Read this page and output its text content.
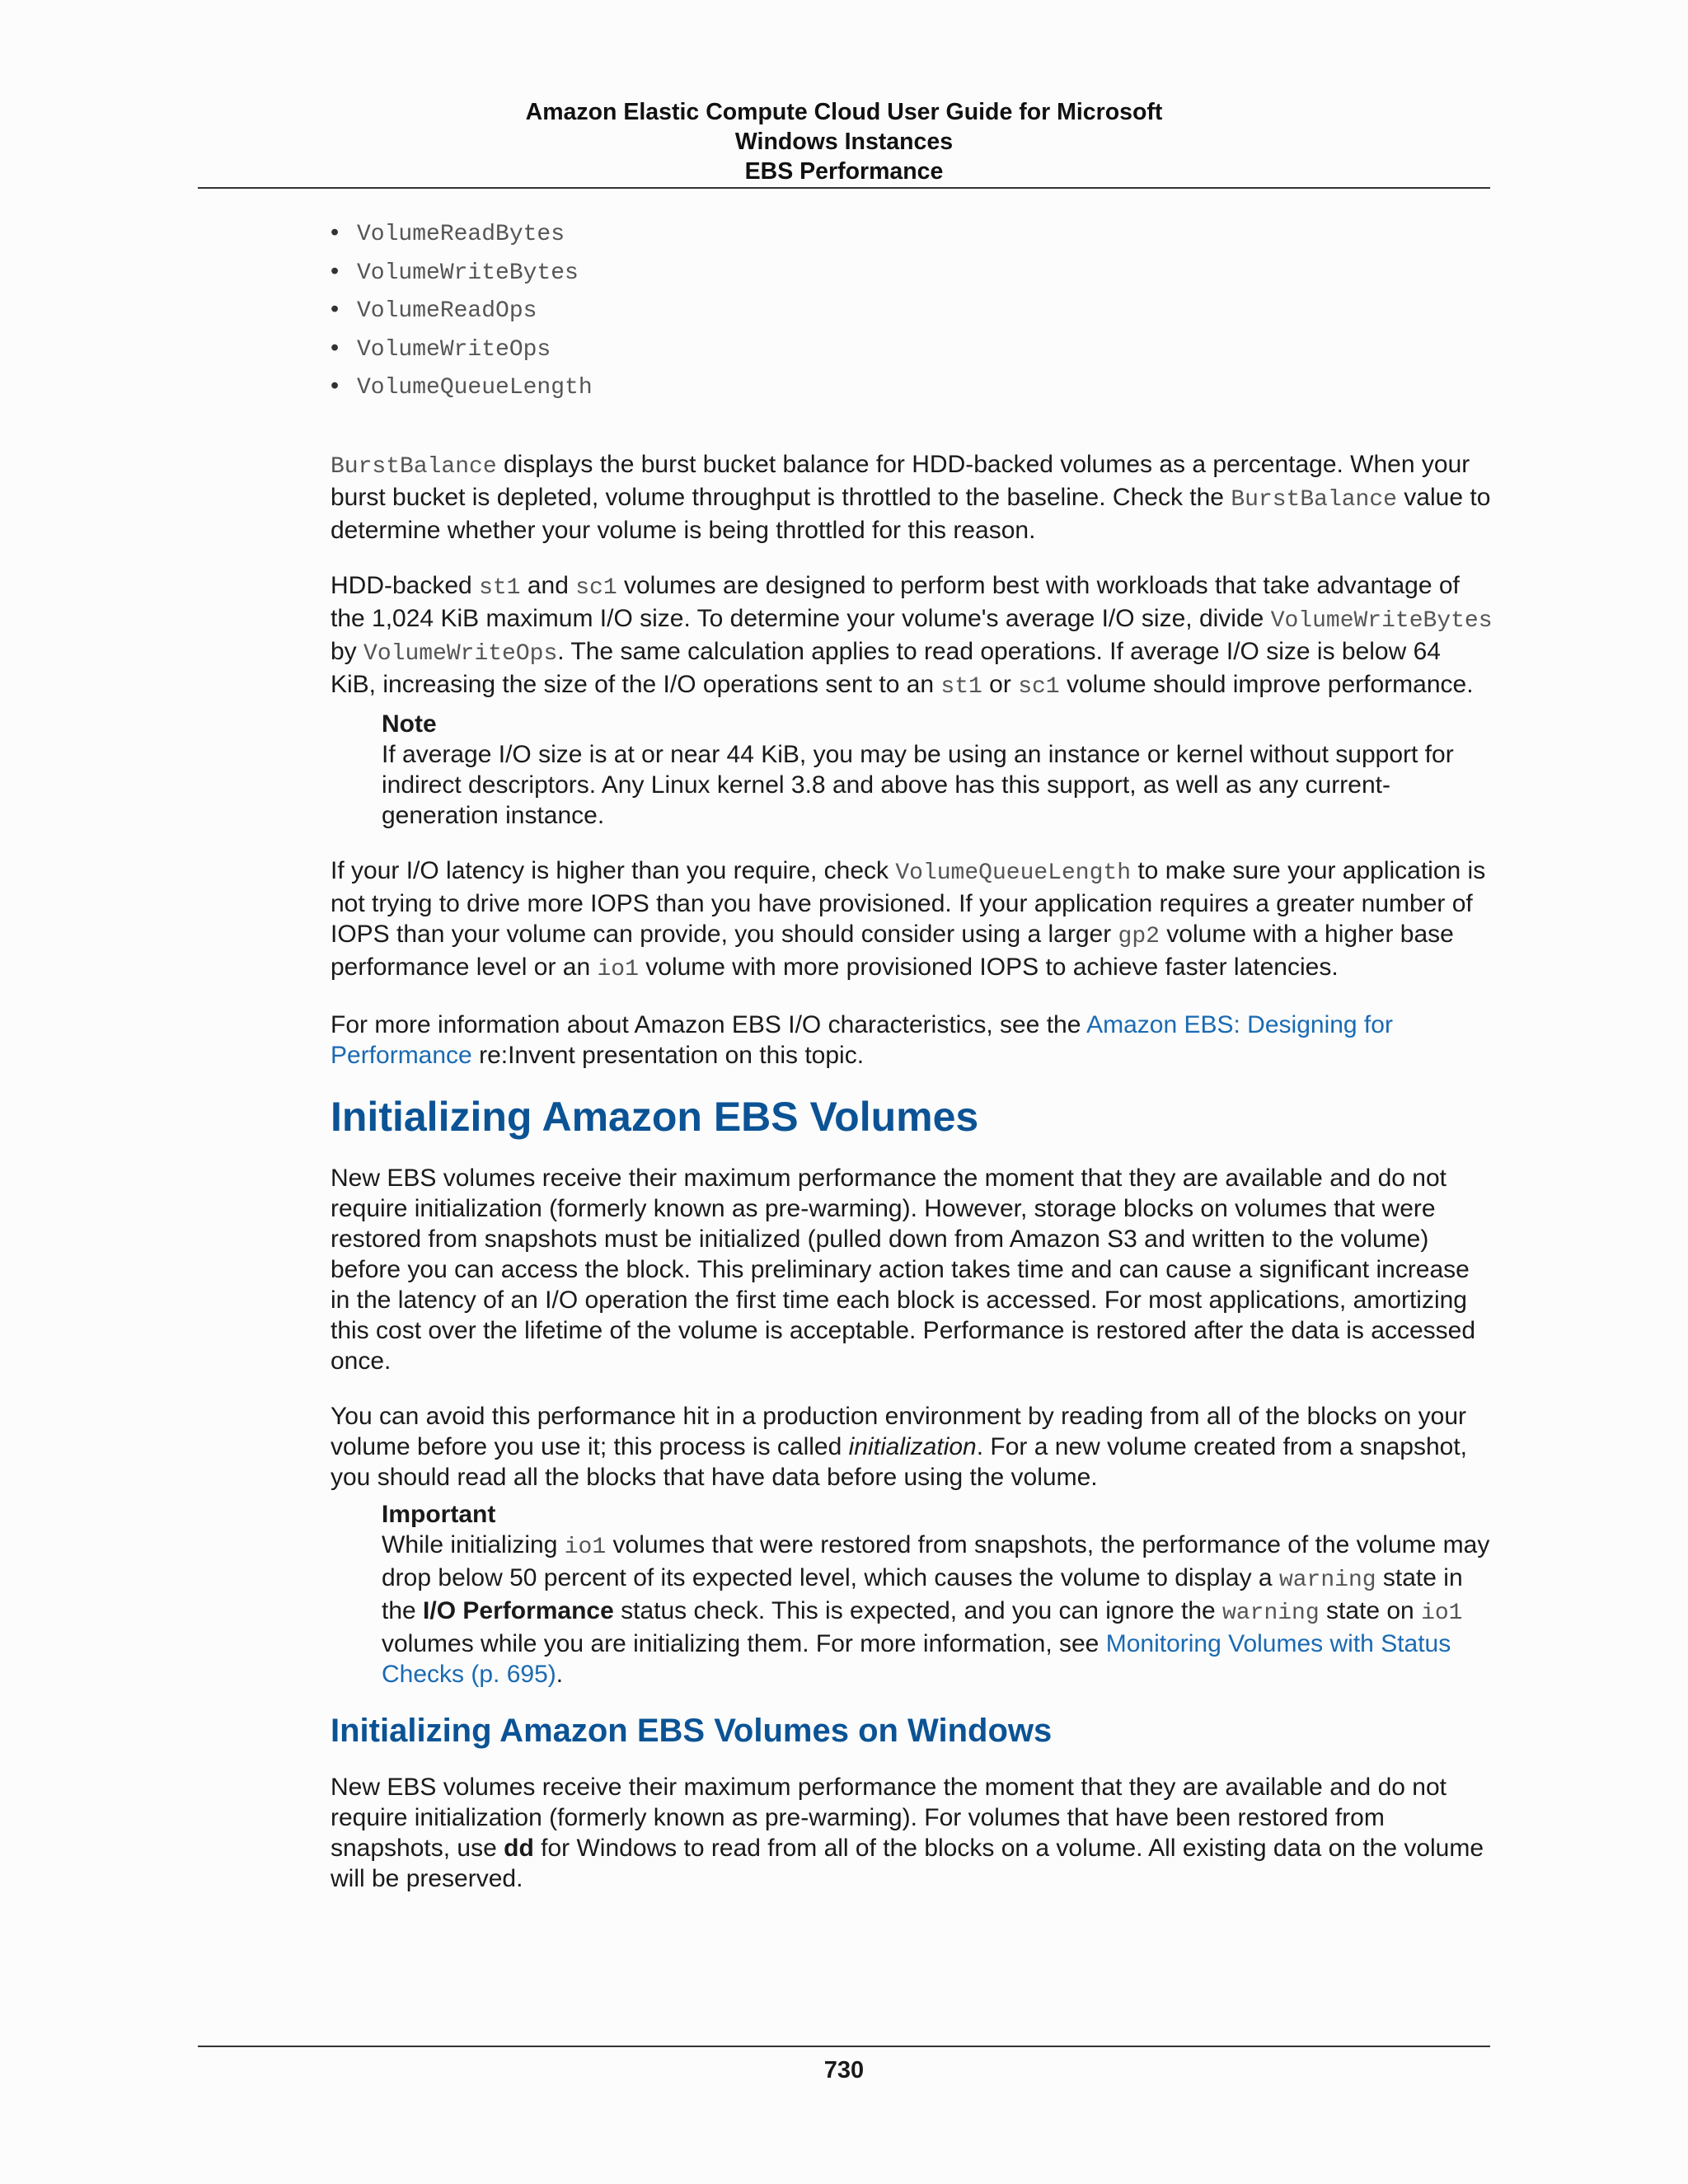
Amazon Elastic Compute Cloud User Guide for Microsoft
Windows Instances
EBS Performance
• VolumeReadBytes
• VolumeWriteBytes
• VolumeReadOps
• VolumeWriteOps
• VolumeQueueLength

BurstBalance displays the burst bucket balance for HDD-backed volumes as a percentage. When your burst bucket is depleted, volume throughput is throttled to the baseline. Check the BurstBalance value to determine whether your volume is being throttled for this reason.

HDD-backed st1 and sc1 volumes are designed to perform best with workloads that take advantage of the 1,024 KiB maximum I/O size. To determine your volume's average I/O size, divide VolumeWriteBytes by VolumeWriteOps. The same calculation applies to read operations. If average I/O size is below 64 KiB, increasing the size of the I/O operations sent to an st1 or sc1 volume should improve performance.

Note

If average I/O size is at or near 44 KiB, you may be using an instance or kernel without support for indirect descriptors. Any Linux kernel 3.8 and above has this support, as well as any current-generation instance.

If your I/O latency is higher than you require, check VolumeQueueLength to make sure your application is not trying to drive more IOPS than you have provisioned. If your application requires a greater number of IOPS than your volume can provide, you should consider using a larger gp2 volume with a higher base performance level or an io1 volume with more provisioned IOPS to achieve faster latencies.

For more information about Amazon EBS I/O characteristics, see the Amazon EBS: Designing for Performance re:Invent presentation on this topic.

Initializing Amazon EBS Volumes

New EBS volumes receive their maximum performance the moment that they are available and do not require initialization (formerly known as pre-warming). However, storage blocks on volumes that were restored from snapshots must be initialized (pulled down from Amazon S3 and written to the volume) before you can access the block. This preliminary action takes time and can cause a significant increase in the latency of an I/O operation the first time each block is accessed. For most applications, amortizing this cost over the lifetime of the volume is acceptable. Performance is restored after the data is accessed once.

You can avoid this performance hit in a production environment by reading from all of the blocks on your volume before you use it; this process is called initialization. For a new volume created from a snapshot, you should read all the blocks that have data before using the volume.

Important

While initializing io1 volumes that were restored from snapshots, the performance of the volume may drop below 50 percent of its expected level, which causes the volume to display a warning state in the I/O Performance status check. This is expected, and you can ignore the warning state on io1 volumes while you are initializing them. For more information, see Monitoring Volumes with Status Checks (p. 695).

Initializing Amazon EBS Volumes on Windows

New EBS volumes receive their maximum performance the moment that they are available and do not require initialization (formerly known as pre-warming). For volumes that have been restored from snapshots, use dd for Windows to read from all of the blocks on a volume. All existing data on the volume will be preserved.

730
